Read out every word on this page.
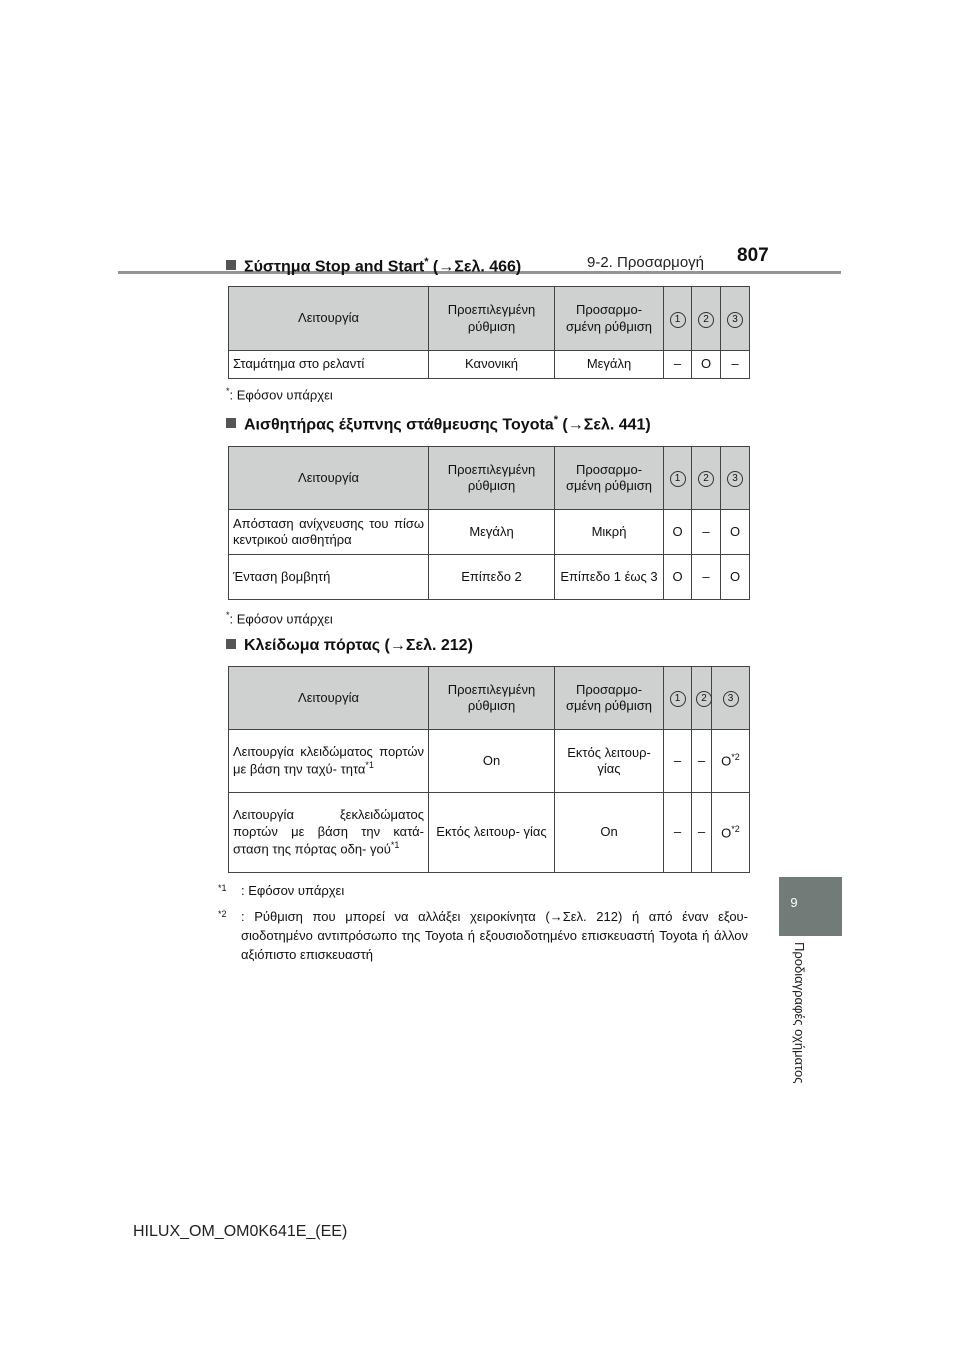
9-2. Προσαρμογή 807
9
Προδιαγραφές οχήματος
Σύστημα Stop and Start* (→Σελ. 466)
Λειτουργία	Προεπιλεγμένη ρύθμιση	Προσαρμο- σμένη ρύθμιση	1	2	3
Σταμάτημα στο ρελαντί	Κανονική	Μεγάλη	–	O	–
*: Εφόσον υπάρχει
Αισθητήρας έξυπνης στάθμευσης Toyota* (→Σελ. 441)
Λειτουργία	Προεπιλεγμένη ρύθμιση	Προσαρμο- σμένη ρύθμιση	1	2	3
Απόσταση ανίχνευσης του πίσω κεντρικού αισθητήρα	Μεγάλη	Μικρή	O	–	O
Ένταση βομβητή	Επίπεδο 2	Επίπεδο 1 έως 3	O	–	O
*: Εφόσον υπάρχει
Κλείδωμα πόρτας (→Σελ. 212)
Λειτουργία	Προεπιλεγμένη ρύθμιση	Προσαρμο- σμένη ρύθμιση	1	2	3
Λειτουργία κλειδώματος πορτών με βάση την ταχύ- τητα$^{*1}$	On	Εκτός λειτουρ- γίας	–	–	$O^{*2}$
Λειτουργία ξεκλειδώματος πορτών με βάση την κατά- σταση της πόρτας οδη- γού$^{*1}$	Εκτός λειτουρ- γίας	On	–	–	$O^{*2}$
$^{*1}$ : Εφόσον υπάρχει
$^{*2}$ : Ρύθμιση που μπορεί να αλλάξει χειροκίνητα (→Σελ. 212) ή από έναν εξου- σιοδοτημένο αντιπρόσωπο της Toyota ή εξουσιοδοτημένο επισκευαστή Toyota ή άλλον αξιόπιστο επισκευαστή
HILUX_OM_OM0K641E_(EE)
